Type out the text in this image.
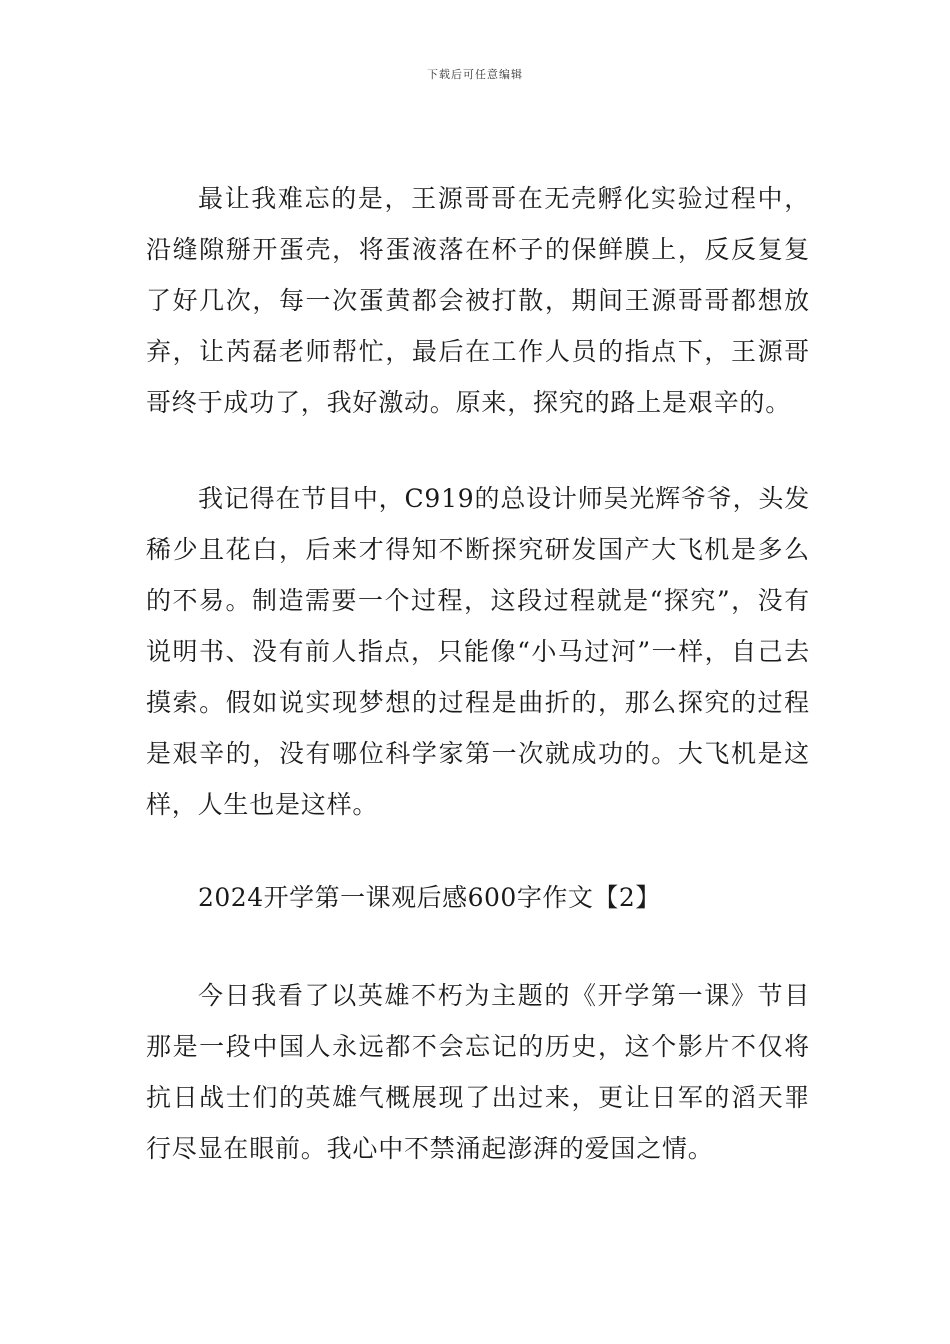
下载后可任意编辑

最让我难忘的是，王源哥哥在无壳孵化实验过程中，沿缝隙掰开蛋壳，将蛋液落在杯子的保鲜膜上，反反复复了好几次，每一次蛋黄都会被打散，期间王源哥哥都想放弃，让芮磊老师帮忙，最后在工作人员的指点下，王源哥哥终于成功了，我好激动。原来，探究的路上是艰辛的。

我记得在节目中，C919的总设计师吴光辉爷爷，头发稀少且花白，后来才得知不断探究研发国产大飞机是多么的不易。制造需要一个过程，这段过程就是“探究”，没有说明书、没有前人指点，只能像“小马过河”一样，自己去摸索。假如说实现梦想的过程是曲折的，那么探究的过程是艰辛的，没有哪位科学家第一次就成功的。大飞机是这样，人生也是这样。

2024开学第一课观后感600字作文【2】

今日我看了以英雄不朽为主题的《开学第一课》节目那是一段中国人永远都不会忘记的历史，这个影片不仅将抗日战士们的英雄气概展现了出过来，更让日军的滔天罪行尽显在眼前。我心中不禁涌起澎湃的爱国之情。
